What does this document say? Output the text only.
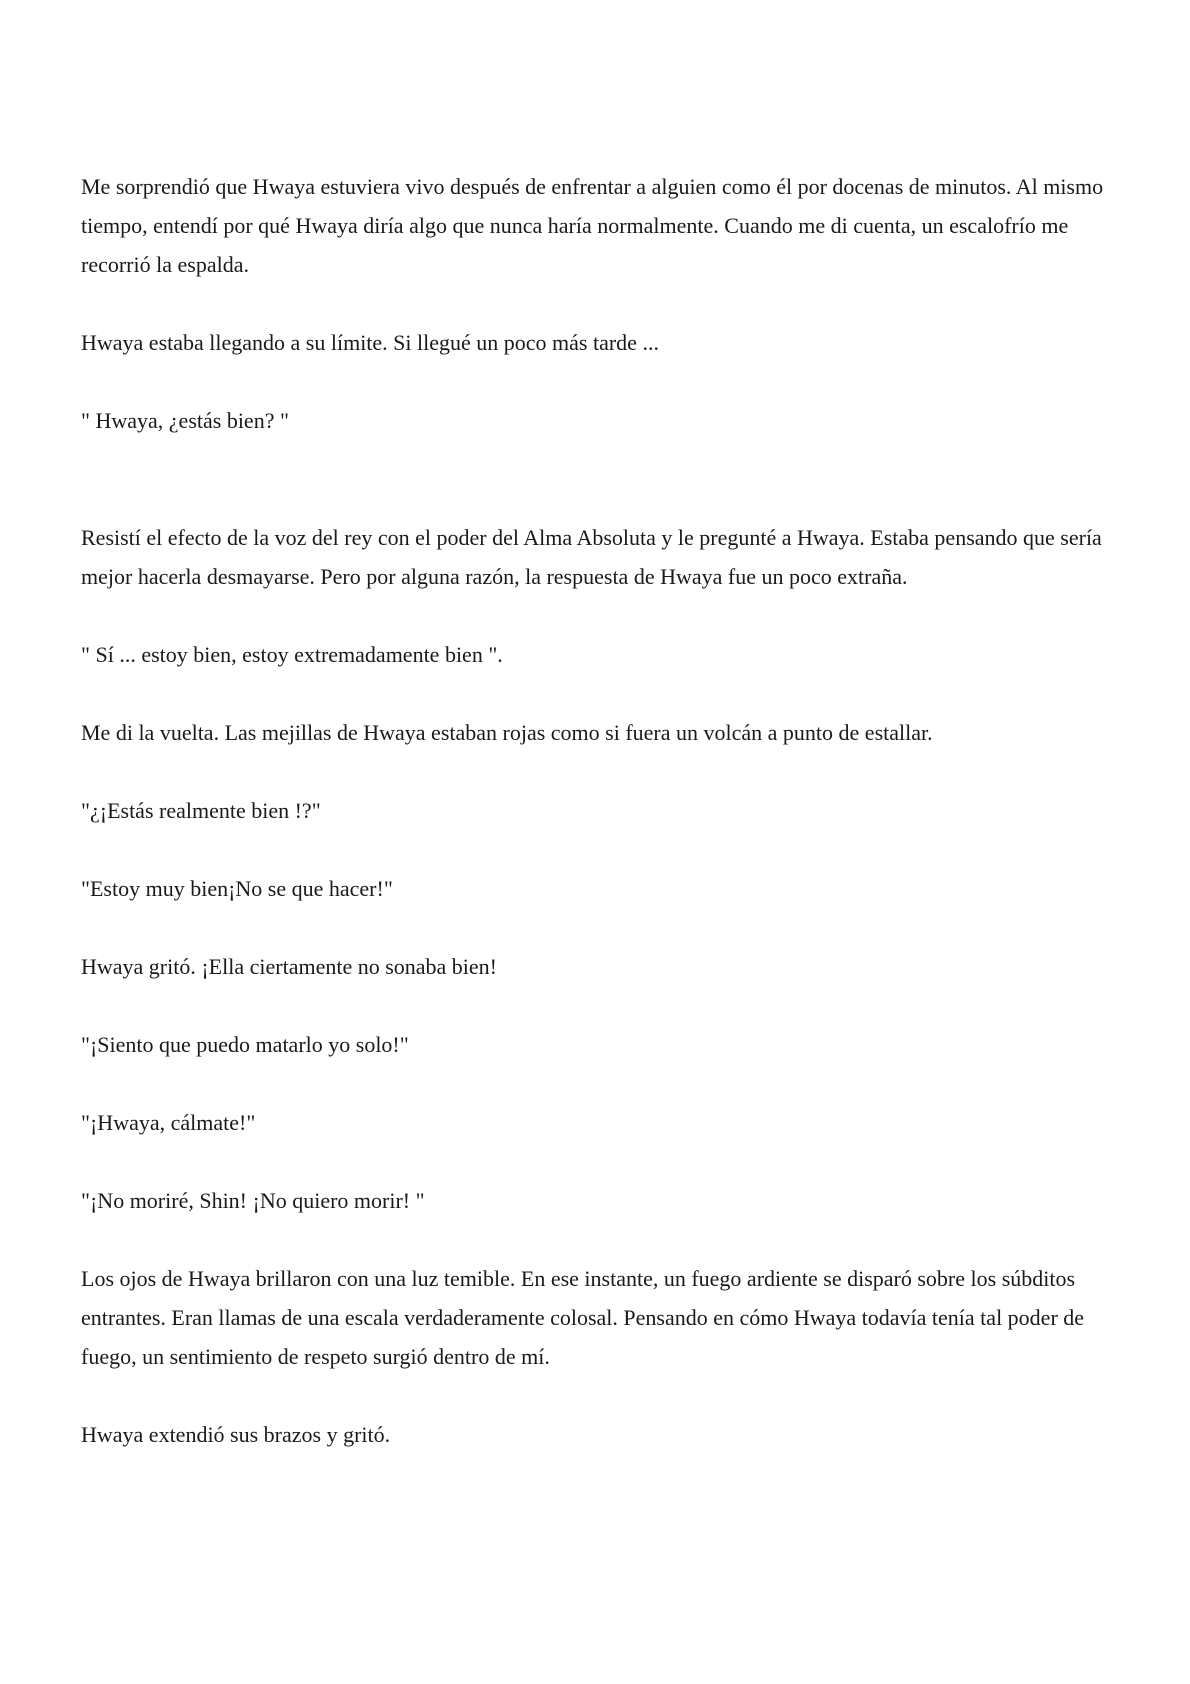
Me sorprendió que Hwaya estuviera vivo después de enfrentar a alguien como él por docenas de minutos. Al mismo tiempo, entendí por qué Hwaya diría algo que nunca haría normalmente. Cuando me di cuenta, un escalofrío me recorrió la espalda.

Hwaya estaba llegando a su límite. Si llegué un poco más tarde ...

" Hwaya, ¿estás bien? "

Resistí el efecto de la voz del rey con el poder del Alma Absoluta y le pregunté a Hwaya. Estaba pensando que sería mejor hacerla desmayarse. Pero por alguna razón, la respuesta de Hwaya fue un poco extraña.

" Sí ... estoy bien, estoy extremadamente bien ".

Me di la vuelta. Las mejillas de Hwaya estaban rojas como si fuera un volcán a punto de estallar.

"¿¡Estás realmente bien !?"

"Estoy muy bien¡No se que hacer!"

Hwaya gritó. ¡Ella ciertamente no sonaba bien!

"¡Siento que puedo matarlo yo solo!"

"¡Hwaya, cálmate!"

"¡No moriré, Shin! ¡No quiero morir! "

Los ojos de Hwaya brillaron con una luz temible. En ese instante, un fuego ardiente se disparó sobre los súbditos entrantes. Eran llamas de una escala verdaderamente colosal. Pensando en cómo Hwaya todavía tenía tal poder de fuego, un sentimiento de respeto surgió dentro de mí.

Hwaya extendió sus brazos y gritó.
